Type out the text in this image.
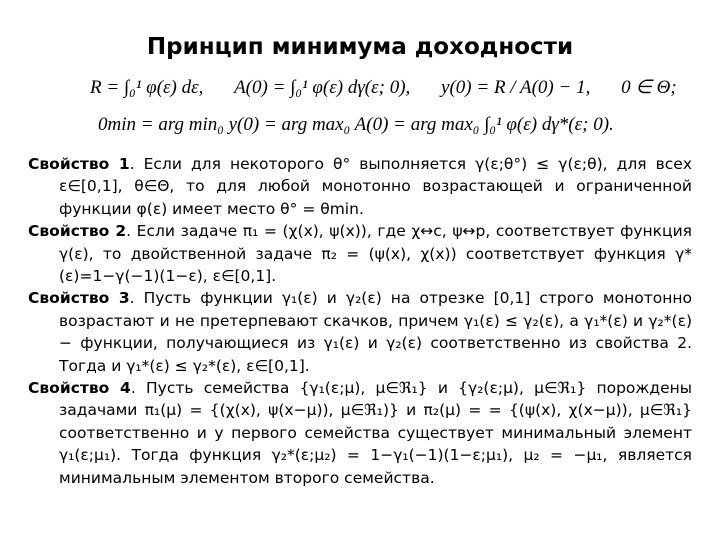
Принцип минимума доходности
R = ∫₀¹ φ(ε) dε, A(0) = ∫₀¹ φ(ε) dγ(ε; 0), y(0) = R / A(0) − 1, 0 ∈ Θ;
0min = arg min₀ y(0) = arg max₀ A(0) = arg max₀ ∫₀¹ φ(ε) dγ*(ε; 0).

Свойство 1. Если для некоторого θ° выполняется γ(ε;θ°) ≤ γ(ε;θ), для всех ε∈[0,1], θ∈Θ, то для любой монотонно возрастающей и ограниченной функции φ(ε) имеет место θ° = θmin.

Свойство 2. Если задаче π₁ = (χ(x), ψ(x)), где χ↔c, ψ↔p, соответствует функция γ(ε), то двойственной задаче π₂ = (ψ(x), χ(x)) соответствует функция γ*(ε)=1−γ(−1)(1−ε), ε∈[0,1].

Свойство 3. Пусть функции γ₁(ε) и γ₂(ε) на отрезке [0,1] строго монотонно возрастают и не претерпевают скачков, причем γ₁(ε) ≤ γ₂(ε), а γ₁*(ε) и γ₂*(ε) − функции, получающиеся из γ₁(ε) и γ₂(ε) соответственно из свойства 2. Тогда и γ₁*(ε) ≤ γ₂*(ε), ε∈[0,1].

Свойство 4. Пусть семейства {γ₁(ε;μ), μ∈ℜ₁} и {γ₂(ε;μ), μ∈ℜ₁} порождены задачами π₁(μ) = {(χ(x), ψ(x−μ)), μ∈ℜ₁)} и π₂(μ) = = {(ψ(x), χ(x−μ)), μ∈ℜ₁} соответственно и у первого семейства существует минимальный элемент γ₁(ε;μ₁). Тогда функция γ₂*(ε;μ₂) = 1−γ₁(−1)(1−ε;μ₁), μ₂ = −μ₁, является минимальным элементом второго семейства.
